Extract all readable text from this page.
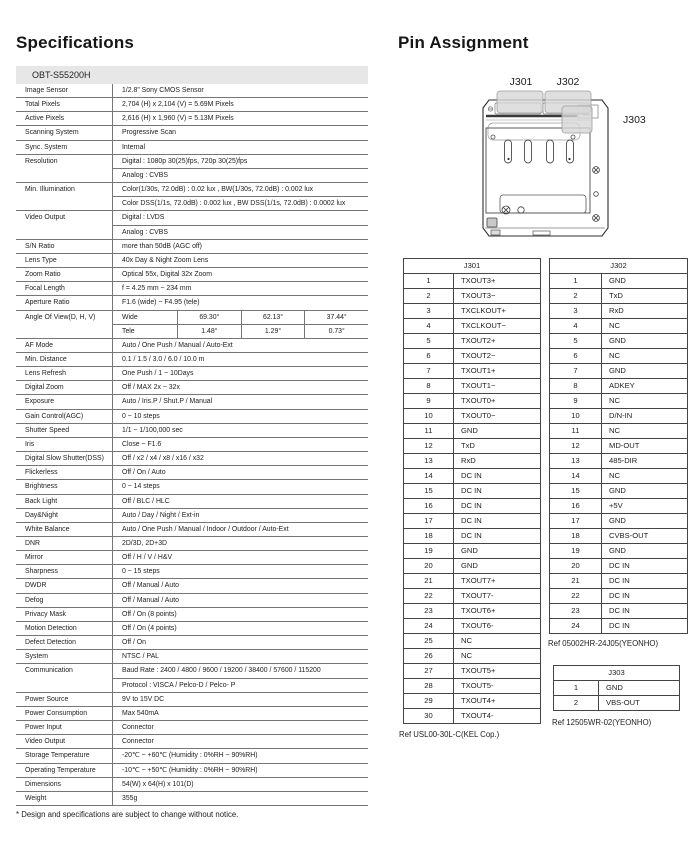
Specifications
OBT-S55200H
Image Sensor	1/2.8" Sony CMOS Sensor
Total Pixels	2,704 (H) x 2,104 (V) = 5.69M Pixels
Active Pixels	2,616 (H) x 1,960 (V) = 5.13M Pixels
Scanning System	Progressive Scan
Sync. System	Internal
Resolution	Digital : 1080p 30(25)fps, 720p 30(25)fps
Analog : CVBS
Min. Illumination	Color(1/30s, 72.0dB) : 0.02 lux , BW(1/30s, 72.0dB) : 0.002 lux
Color DSS(1/1s, 72.0dB) : 0.002 lux , BW DSS(1/1s, 72.0dB) : 0.0002 lux
Video Output	Digital : LVDS
Analog : CVBS
S/N Ratio	more than 50dB (AGC off)
Lens Type	40x Day & Night Zoom Lens
Zoom Ratio	Optical 55x, Digital 32x Zoom
Focal Length	f = 4.25 mm ~ 234 mm
Aperture Ratio	F1.6 (wide) ~ F4.95 (tele)
Angle Of View(D, H, V)	Wide	69.30°	62.13°	37.44°
Tele	1.48°	1.29°	0.73°
AF Mode	Auto / One Push / Manual / Auto-Ext
Min. Distance	0.1 / 1.5 / 3.0 / 6.0 / 10.0 m
Lens Refresh	One Push / 1 ~ 10Days
Digital Zoom	Off / MAX 2x ~ 32x
Exposure	Auto / Iris.P / Shut.P / Manual
Gain Control(AGC)	0 ~ 10 steps
Shutter Speed	1/1 ~ 1/100,000 sec
Iris	Close ~ F1.6
Digital Slow Shutter(DSS)	Off / x2 / x4 / x8 / x16 / x32
Flickerless	Off / On / Auto
Brightness	0 ~ 14 steps
Back Light	Off / BLC / HLC
Day&Night	Auto / Day / Night / Ext-in
White Balance	Auto / One Push / Manual / Indoor / Outdoor / Auto-Ext
DNR	2D/3D, 2D+3D
Mirror	Off / H / V / H&V
Sharpness	0 ~ 15 steps
DWDR	Off / Manual / Auto
Defog	Off / Manual / Auto
Privacy Mask	Off / On (8 points)
Motion Detection	Off / On (4 points)
Defect Detection	Off / On
System	NTSC / PAL
Communication	Baud Rate : 2400 / 4800 / 9600 / 19200 / 38400 / 57600 / 115200
Protocol : VISCA / Pelco-D / Pelco- P
Power Source	9V to 15V DC
Power Consumption	Max 540mA
Power Input	Connector
Video Output	Connector
Storage Temperature	-20℃ ~ +60℃ (Humidity : 0%RH ~ 90%RH)
Operating Temperature	-10℃ ~ +50℃ (Humidity : 0%RH ~ 90%RH)
Dimensions	54(W) x 64(H) x 101(D)
Weight	355g
* Design and specifications are subject to change without notice.
Pin Assignment
J301 J302
J303
J301
1	TXOUT3+
2	TXOUT3−
3	TXCLKOUT+
4	TXCLKOUT−
5	TXOUT2+
6	TXOUT2−
7	TXOUT1+
8	TXOUT1−
9	TXOUT0+
10	TXOUT0−
11	GND
12	TxD
13	RxD
14	DC IN
15	DC IN
16	DC IN
17	DC IN
18	DC IN
19	GND
20	GND
21	TXOUT7+
22	TXOUT7-
23	TXOUT6+
24	TXOUT6-
25	NC
26	NC
27	TXOUT5+
28	TXOUT5-
29	TXOUT4+
30	TXOUT4-
Ref USL00-30L-C(KEL Cop.)
J302
1	GND
2	TxD
3	RxD
4	NC
5	GND
6	NC
7	GND
8	ADKEY
9	NC
10	D/N-IN
11	NC
12	MD-OUT
13	485-DIR
14	NC
15	GND
16	+5V
17	GND
18	CVBS-OUT
19	GND
20	DC IN
21	DC IN
22	DC IN
23	DC IN
24	DC IN
Ref 05002HR-24J05(YEONHO)
J303
1	GND
2	VBS-OUT
Ref 12505WR-02(YEONHO)
